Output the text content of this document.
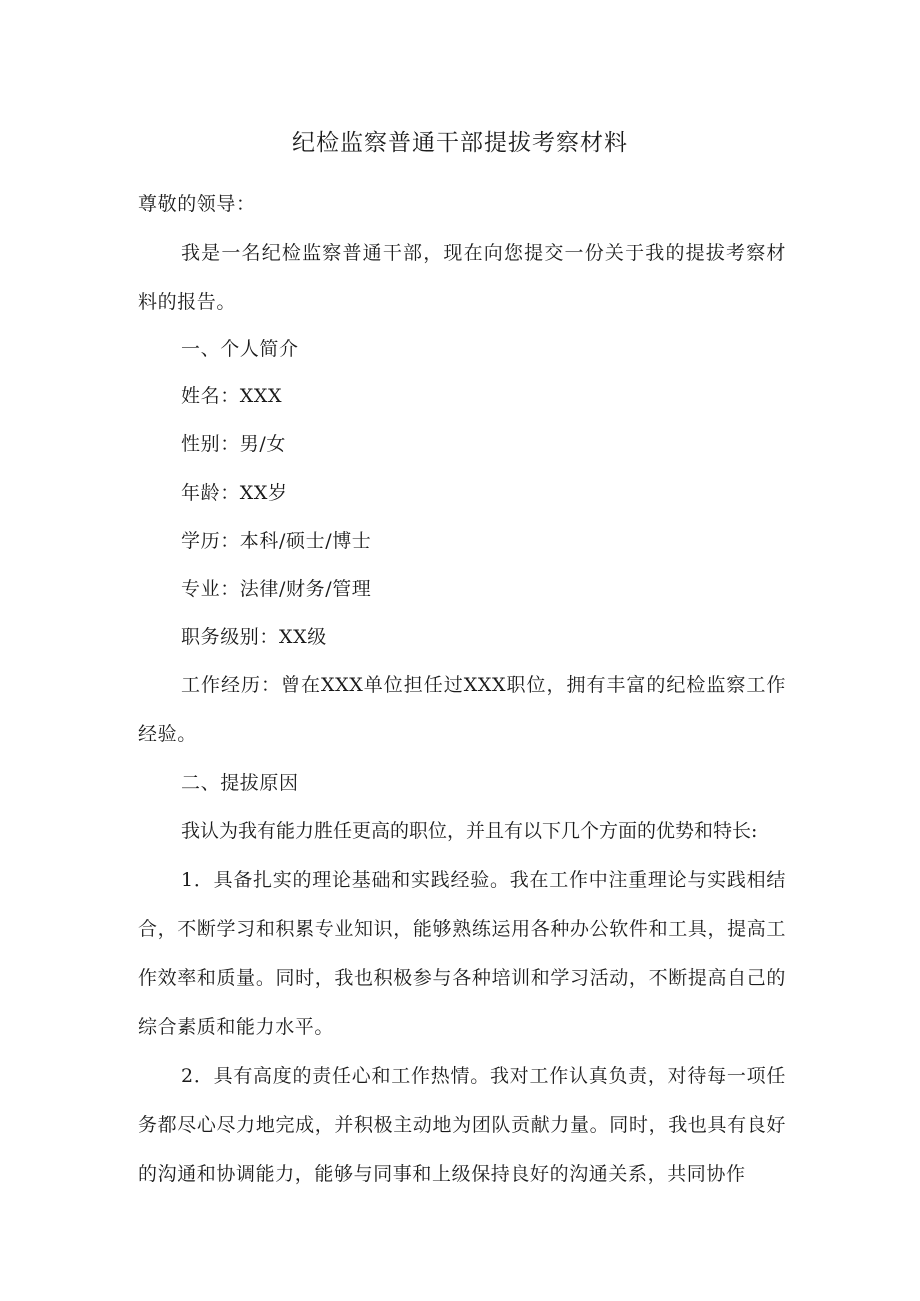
纪检监察普通干部提拔考察材料
尊敬的领导：
我是一名纪检监察普通干部，现在向您提交一份关于我的提拔考察材料的报告。
一、个人简介
姓名：XXX
性别：男/女
年龄：XX岁
学历：本科/硕士/博士
专业：法律/财务/管理
职务级别：XX级
工作经历：曾在XXX单位担任过XXX职位，拥有丰富的纪检监察工作经验。
二、提拔原因
我认为我有能力胜任更高的职位，并且有以下几个方面的优势和特长:
1．具备扎实的理论基础和实践经验。我在工作中注重理论与实践相结合，不断学习和积累专业知识，能够熟练运用各种办公软件和工具，提高工作效率和质量。同时，我也积极参与各种培训和学习活动，不断提高自己的综合素质和能力水平。
2．具有高度的责任心和工作热情。我对工作认真负责，对待每一项任务都尽心尽力地完成，并积极主动地为团队贡献力量。同时，我也具有良好的沟通和协调能力，能够与同事和上级保持良好的沟通关系，共同协作
